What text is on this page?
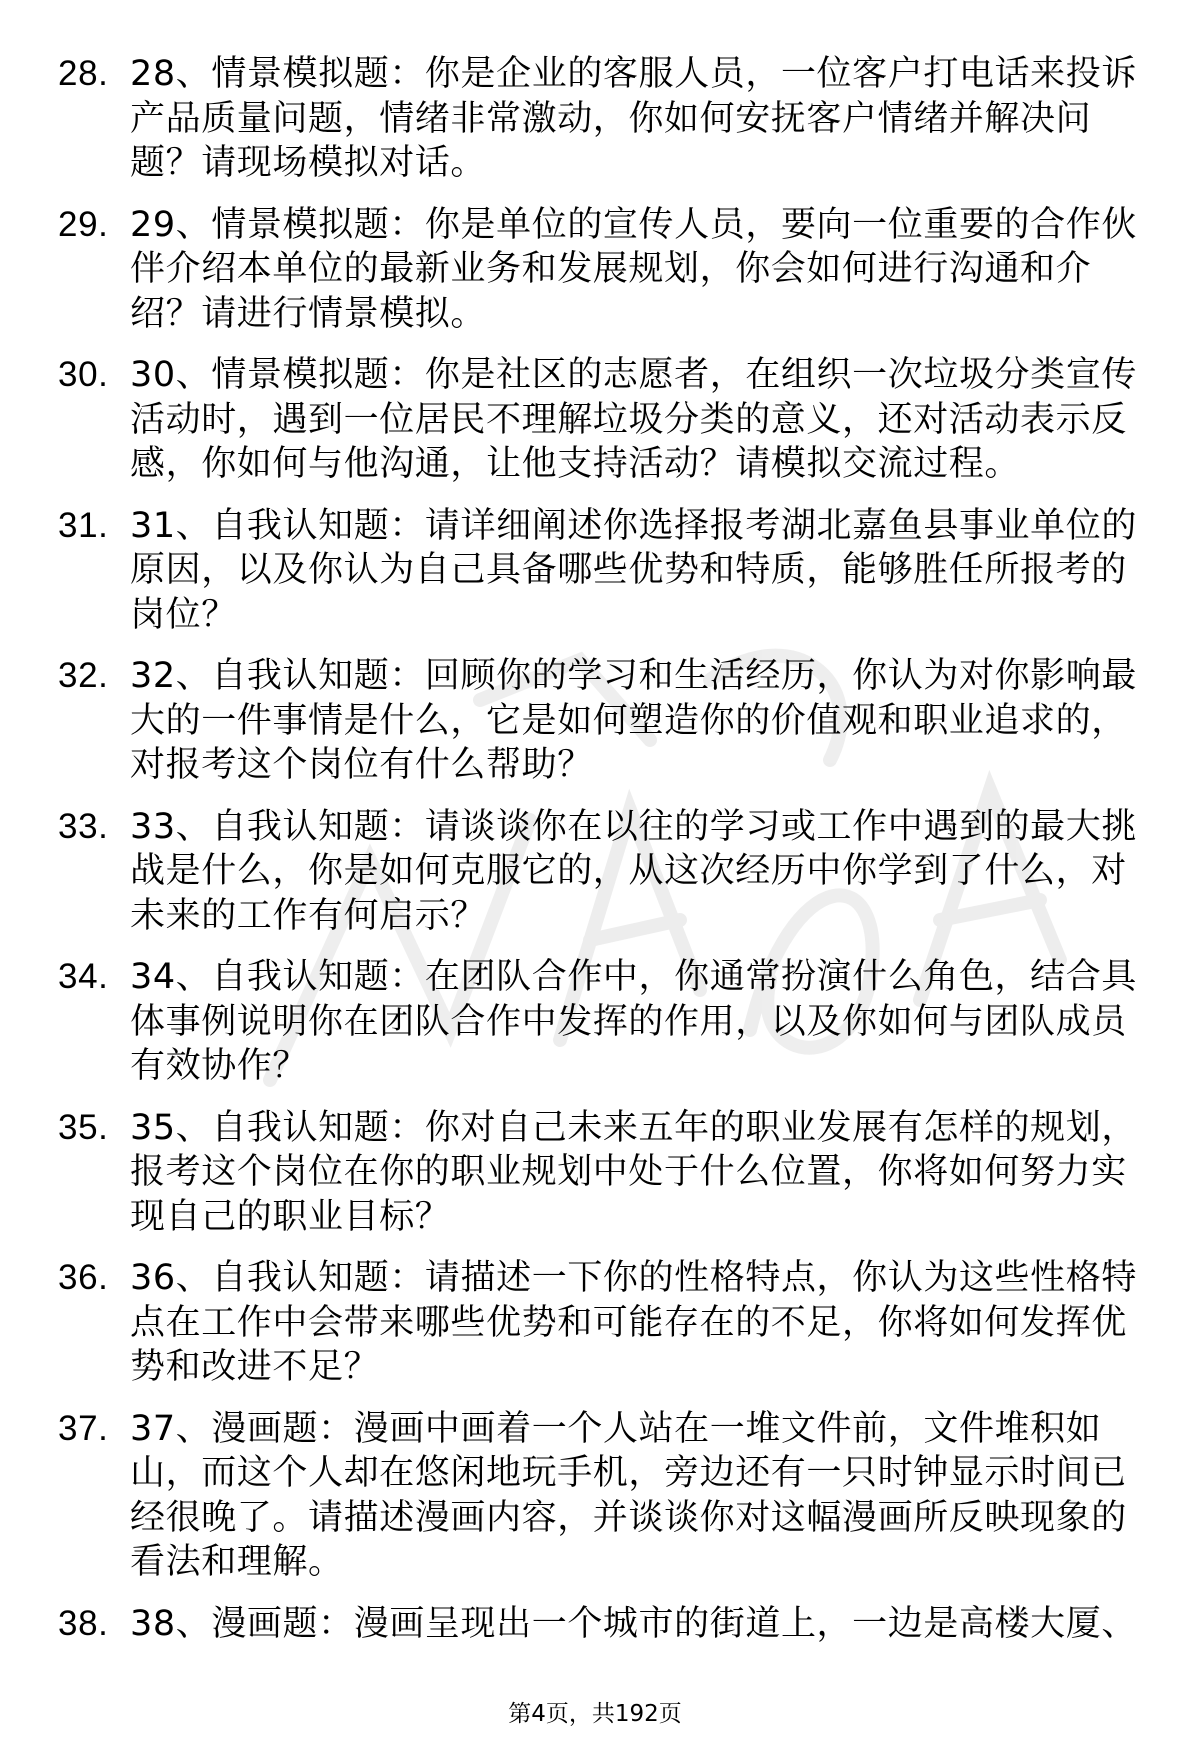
28. 28、情景模拟题：你是企业的客服人员，一位客户打电话来投诉产品质量问题，情绪非常激动，你如何安抚客户情绪并解决问题？请现场模拟对话。
29. 29、情景模拟题：你是单位的宣传人员，要向一位重要的合作伙伴介绍本单位的最新业务和发展规划，你会如何进行沟通和介绍？请进行情景模拟。
30. 30、情景模拟题：你是社区的志愿者，在组织一次垃圾分类宣传活动时，遇到一位居民不理解垃圾分类的意义，还对活动表示反感，你如何与他沟通，让他支持活动？请模拟交流过程。
31. 31、自我认知题：请详细阐述你选择报考湖北嘉鱼县事业单位的原因，以及你认为自己具备哪些优势和特质，能够胜任所报考的岗位？
32. 32、自我认知题：回顾你的学习和生活经历，你认为对你影响最大的一件事情是什么，它是如何塑造你的价值观和职业追求的，对报考这个岗位有什么帮助？
33. 33、自我认知题：请谈谈你在以往的学习或工作中遇到的最大挑战是什么，你是如何克服它的，从这次经历中你学到了什么，对未来的工作有何启示？
34. 34、自我认知题：在团队合作中，你通常扮演什么角色，结合具体事例说明你在团队合作中发挥的作用，以及你如何与团队成员有效协作？
35. 35、自我认知题：你对自己未来五年的职业发展有怎样的规划，报考这个岗位在你的职业规划中处于什么位置，你将如何努力实现自己的职业目标？
36. 36、自我认知题：请描述一下你的性格特点，你认为这些性格特点在工作中会带来哪些优势和可能存在的不足，你将如何发挥优势和改进不足？
37. 37、漫画题：漫画中画着一个人站在一堆文件前，文件堆积如山，而这个人却在悠闲地玩手机，旁边还有一只时钟显示时间已经很晚了。请描述漫画内容，并谈谈你对这幅漫画所反映现象的看法和理解。
38. 38、漫画题：漫画呈现出一个城市的街道上，一边是高楼大厦、
第4页，共192页
